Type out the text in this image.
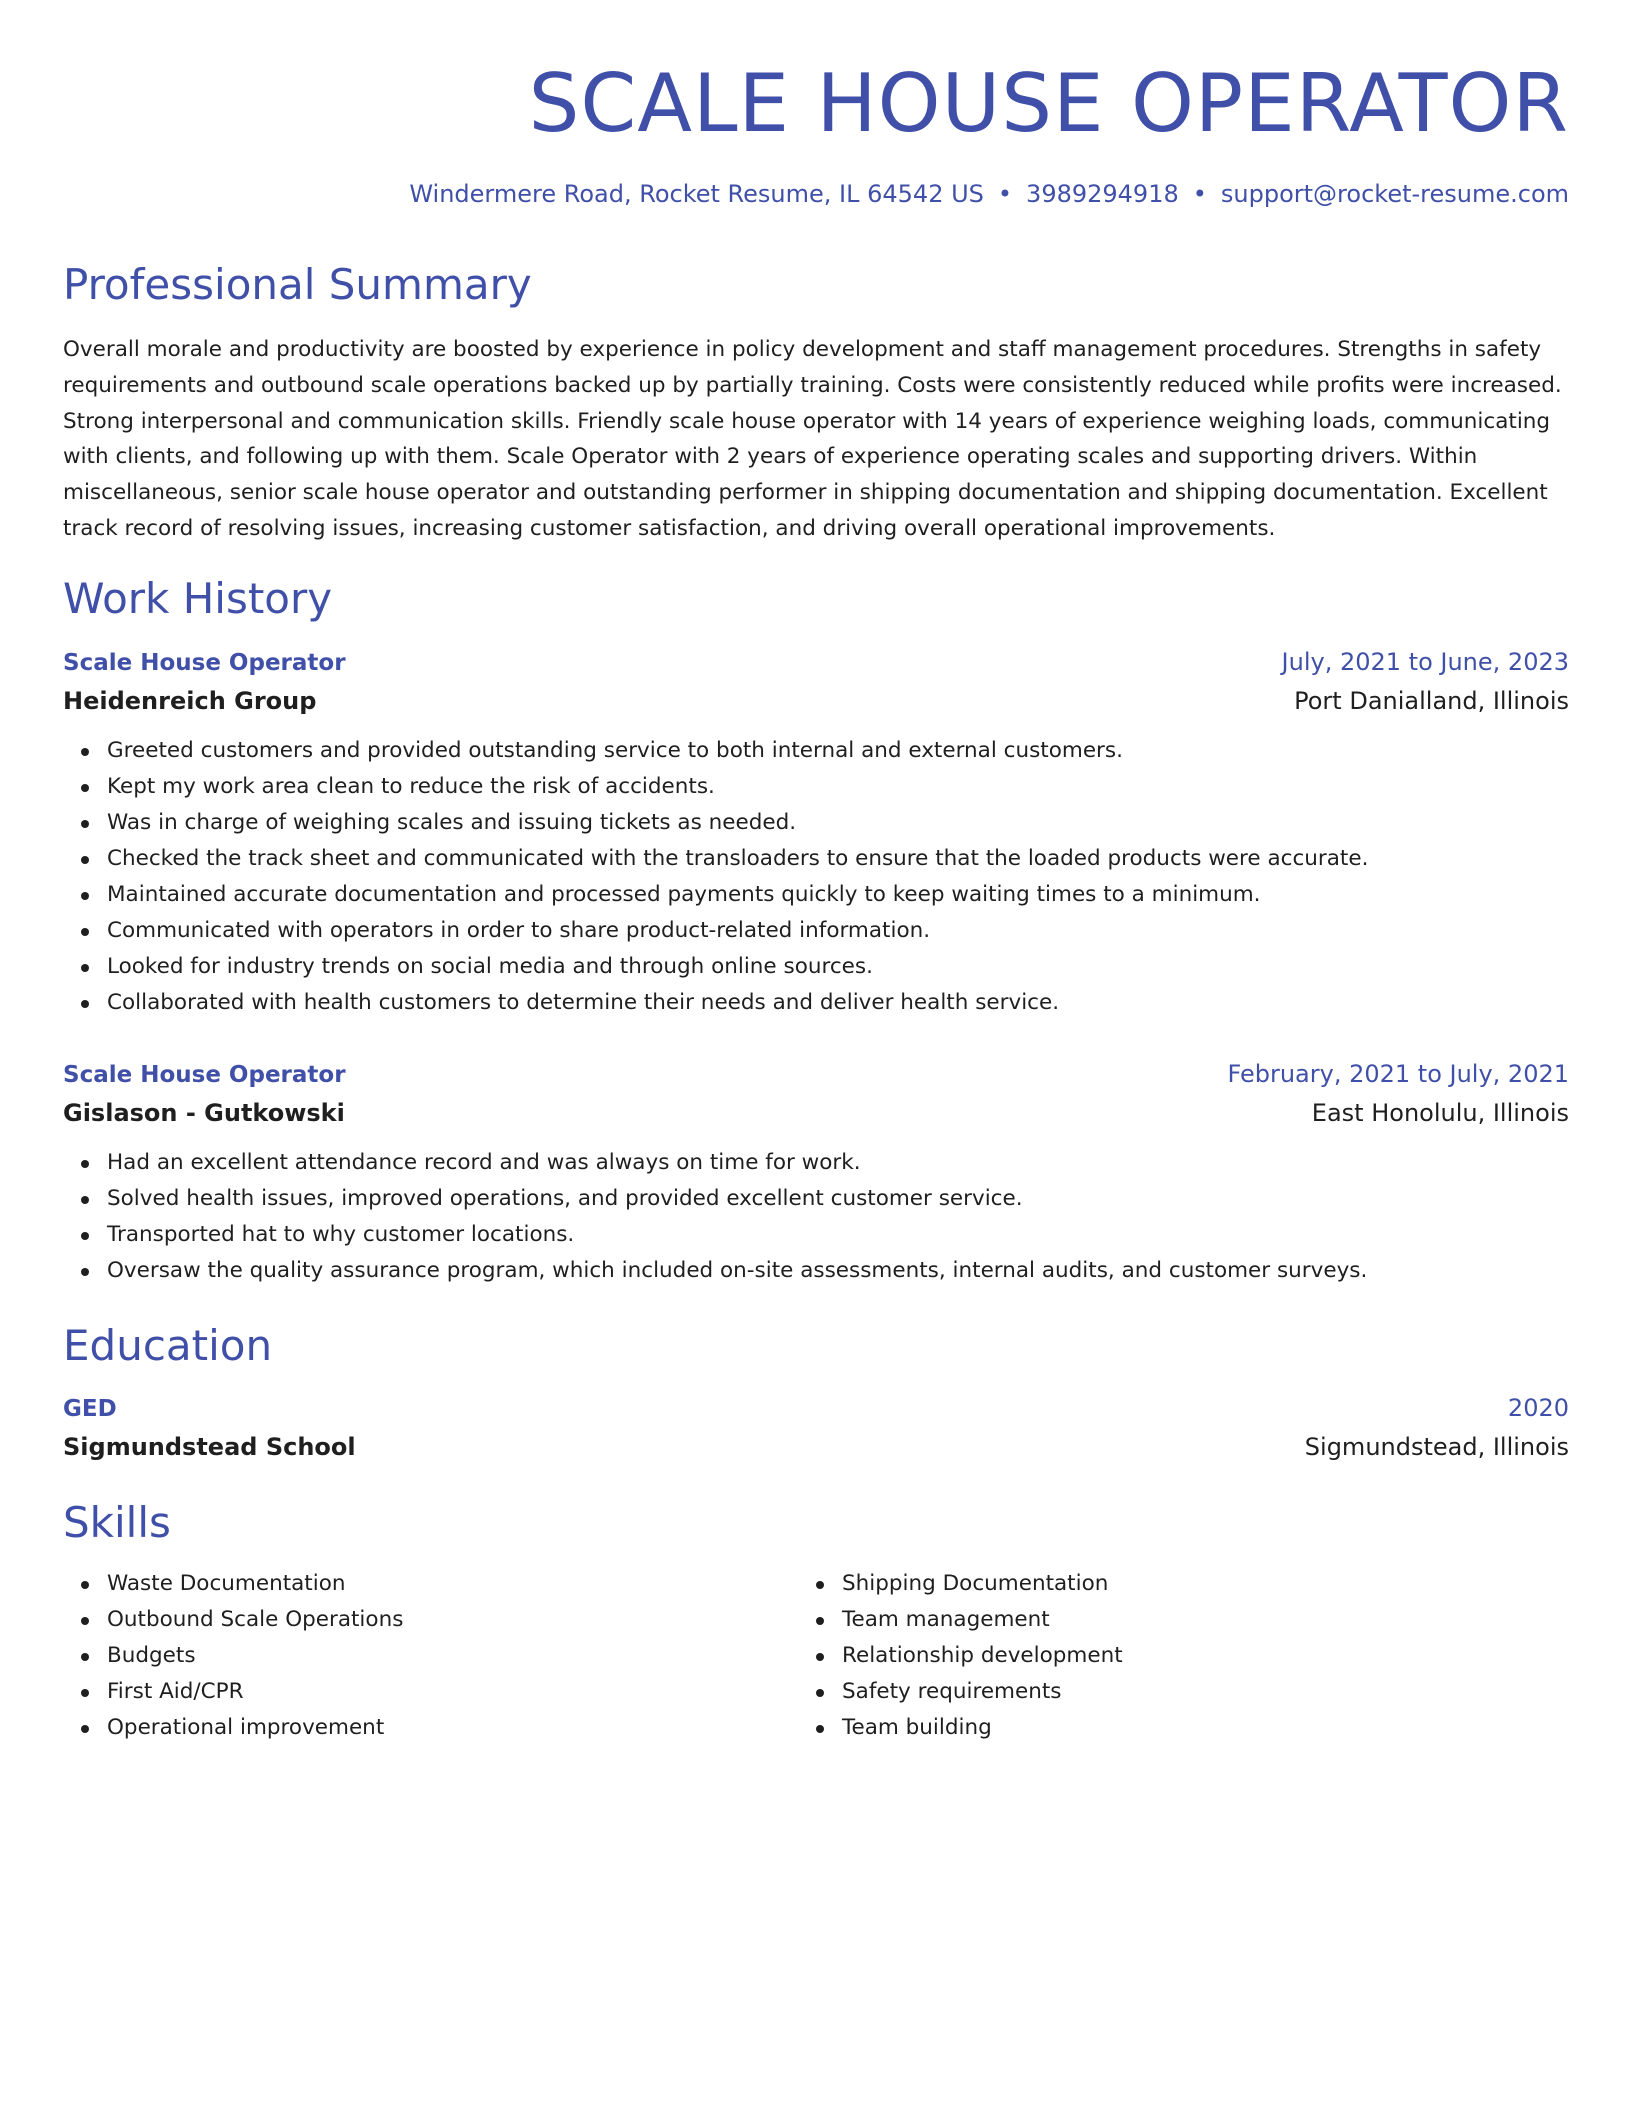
SCALE HOUSE OPERATOR
Windermere Road, Rocket Resume, IL 64542 US • 3989294918 • support@rocket-resume.com
Professional Summary

Overall morale and productivity are boosted by experience in policy development and staff management procedures. Strengths in safety requirements and outbound scale operations backed up by partially training. Costs were consistently reduced while profits were increased. Strong interpersonal and communication skills. Friendly scale house operator with 14 years of experience weighing loads, communicating with clients, and following up with them. Scale Operator with 2 years of experience operating scales and supporting drivers. Within miscellaneous, senior scale house operator and outstanding performer in shipping documentation and shipping documentation. Excellent track record of resolving issues, increasing customer satisfaction, and driving overall operational improvements.

Work History
Scale House Operator	July, 2021 to June, 2023
Heidenreich Group	Port Danialland, Illinois
Greeted customers and provided outstanding service to both internal and external customers.
Kept my work area clean to reduce the risk of accidents.
Was in charge of weighing scales and issuing tickets as needed.
Checked the track sheet and communicated with the transloaders to ensure that the loaded products were accurate.
Maintained accurate documentation and processed payments quickly to keep waiting times to a minimum.
Communicated with operators in order to share product-related information.
Looked for industry trends on social media and through online sources.
Collaborated with health customers to determine their needs and deliver health service.
Scale House Operator	February, 2021 to July, 2021
Gislason - Gutkowski	East Honolulu, Illinois
Had an excellent attendance record and was always on time for work.
Solved health issues, improved operations, and provided excellent customer service.
Transported hat to why customer locations.
Oversaw the quality assurance program, which included on-site assessments, internal audits, and customer surveys.
Education
GED	2020
Sigmundstead School	Sigmundstead, Illinois
Skills
Waste Documentation
Outbound Scale Operations
Budgets
First Aid/CPR
Operational improvement
Shipping Documentation
Team management
Relationship development
Safety requirements
Team building
